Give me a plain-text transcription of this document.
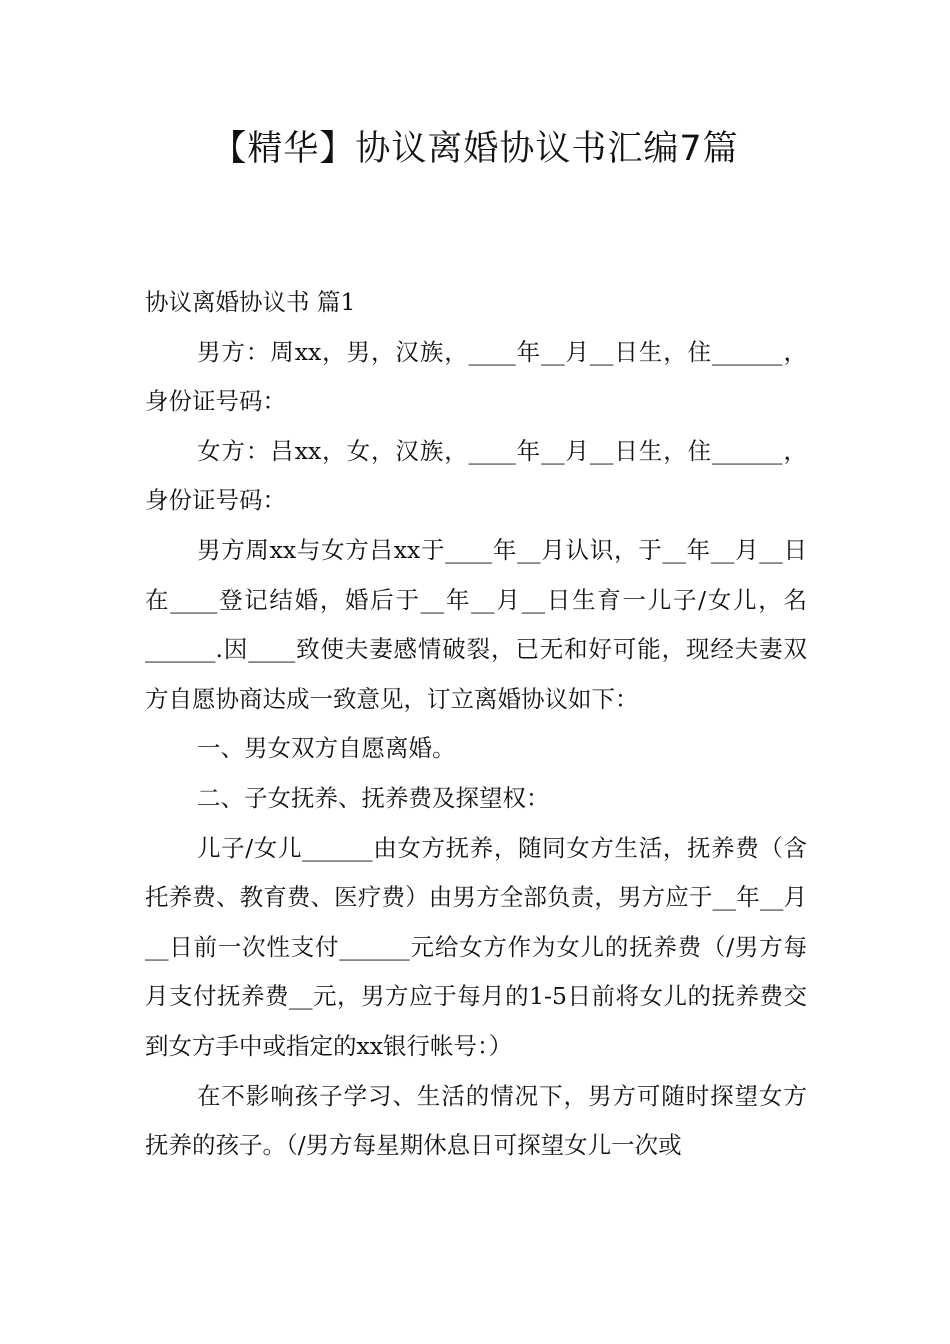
【精华】协议离婚协议书汇编7篇

协议离婚协议书 篇1

男方：周xx，男，汉族，____年__月__日生，住______，身份证号码：

女方：吕xx，女，汉族，____年__月__日生，住______，身份证号码：

男方周xx与女方吕xx于____年__月认识，于__年__月__日在____登记结婚，婚后于__年__月__日生育一儿子/女儿，名______.因____致使夫妻感情破裂，已无和好可能，现经夫妻双方自愿协商达成一致意见，订立离婚协议如下：

一、男女双方自愿离婚。

二、子女抚养、抚养费及探望权：

儿子/女儿______由女方抚养，随同女方生活，抚养费（含托养费、教育费、医疗费）由男方全部负责，男方应于__年__月__日前一次性支付______元给女方作为女儿的抚养费（/男方每月支付抚养费__元，男方应于每月的1-5日前将女儿的抚养费交到女方手中或指定的xx银行帐号：）

在不影响孩子学习、生活的情况下，男方可随时探望女方抚养的孩子。（/男方每星期休息日可探望女儿一次或
